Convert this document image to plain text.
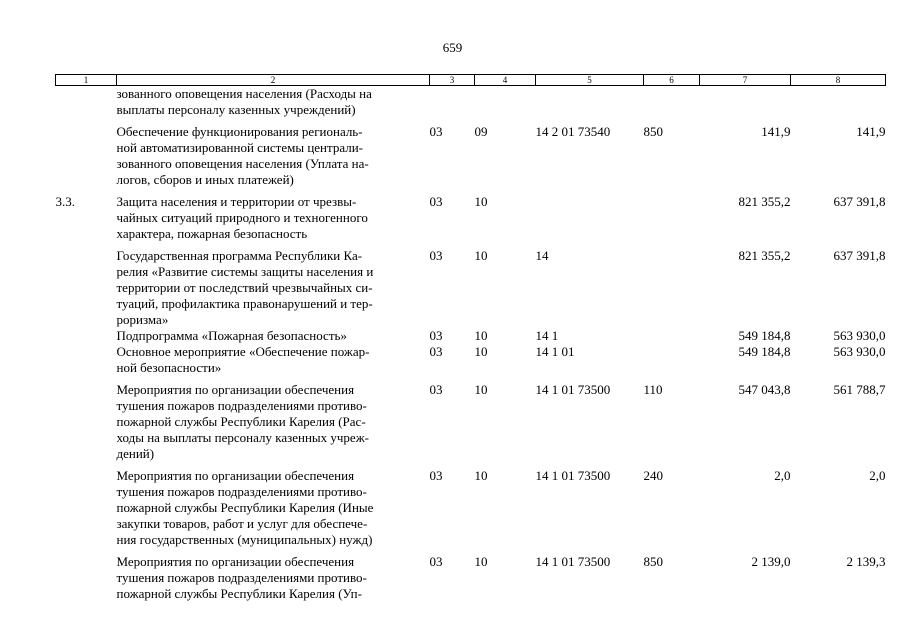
659
1	2	3	4	5	6	7	8

	зованного оповещения населения (Расходы на
выплаты персоналу казенных учреждений)						

	Обеспечение функционирования региональ-
ной автоматизированной системы централи-
зованного оповещения населения (Уплата на-
логов, сборов и иных платежей)	03	09	14 2 01 73540	850	141,9	141,9
3.3.	Защита населения и территории от чрезвы-
чайных ситуаций природного и техногенного
характера, пожарная безопасность	03	10			821 355,2	637 391,8

	Государственная программа Республики Ка-
релия «Развитие системы защиты населения и
территории от последствий чрезвычайных си-
туаций, профилактика правонарушений и тер-
роризма»	03	10	14		821 355,2	637 391,8

	Подпрограмма «Пожарная безопасность»	03	10	14 1		549 184,8	563 930,0

	Основное мероприятие «Обеспечение пожар-
ной безопасности»	03	10	14 1 01		549 184,8	563 930,0

	Мероприятия по организации обеспечения
тушения пожаров подразделениями противо-
пожарной службы Республики Карелия (Рас-
ходы на выплаты персоналу казенных учреж-
дений)	03	10	14 1 01 73500	110	547 043,8	561 788,7

	Мероприятия по организации обеспечения
тушения пожаров подразделениями противо-
пожарной службы Республики Карелия (Иные
закупки товаров, работ и услуг для обеспече-
ния государственных (муниципальных) нужд)	03	10	14 1 01 73500	240	2,0	2,0

	Мероприятия по организации обеспечения
тушения пожаров подразделениями противо-
пожарной службы Республики Карелия (Уп-	03	10	14 1 01 73500	850	2 139,0	2 139,3
